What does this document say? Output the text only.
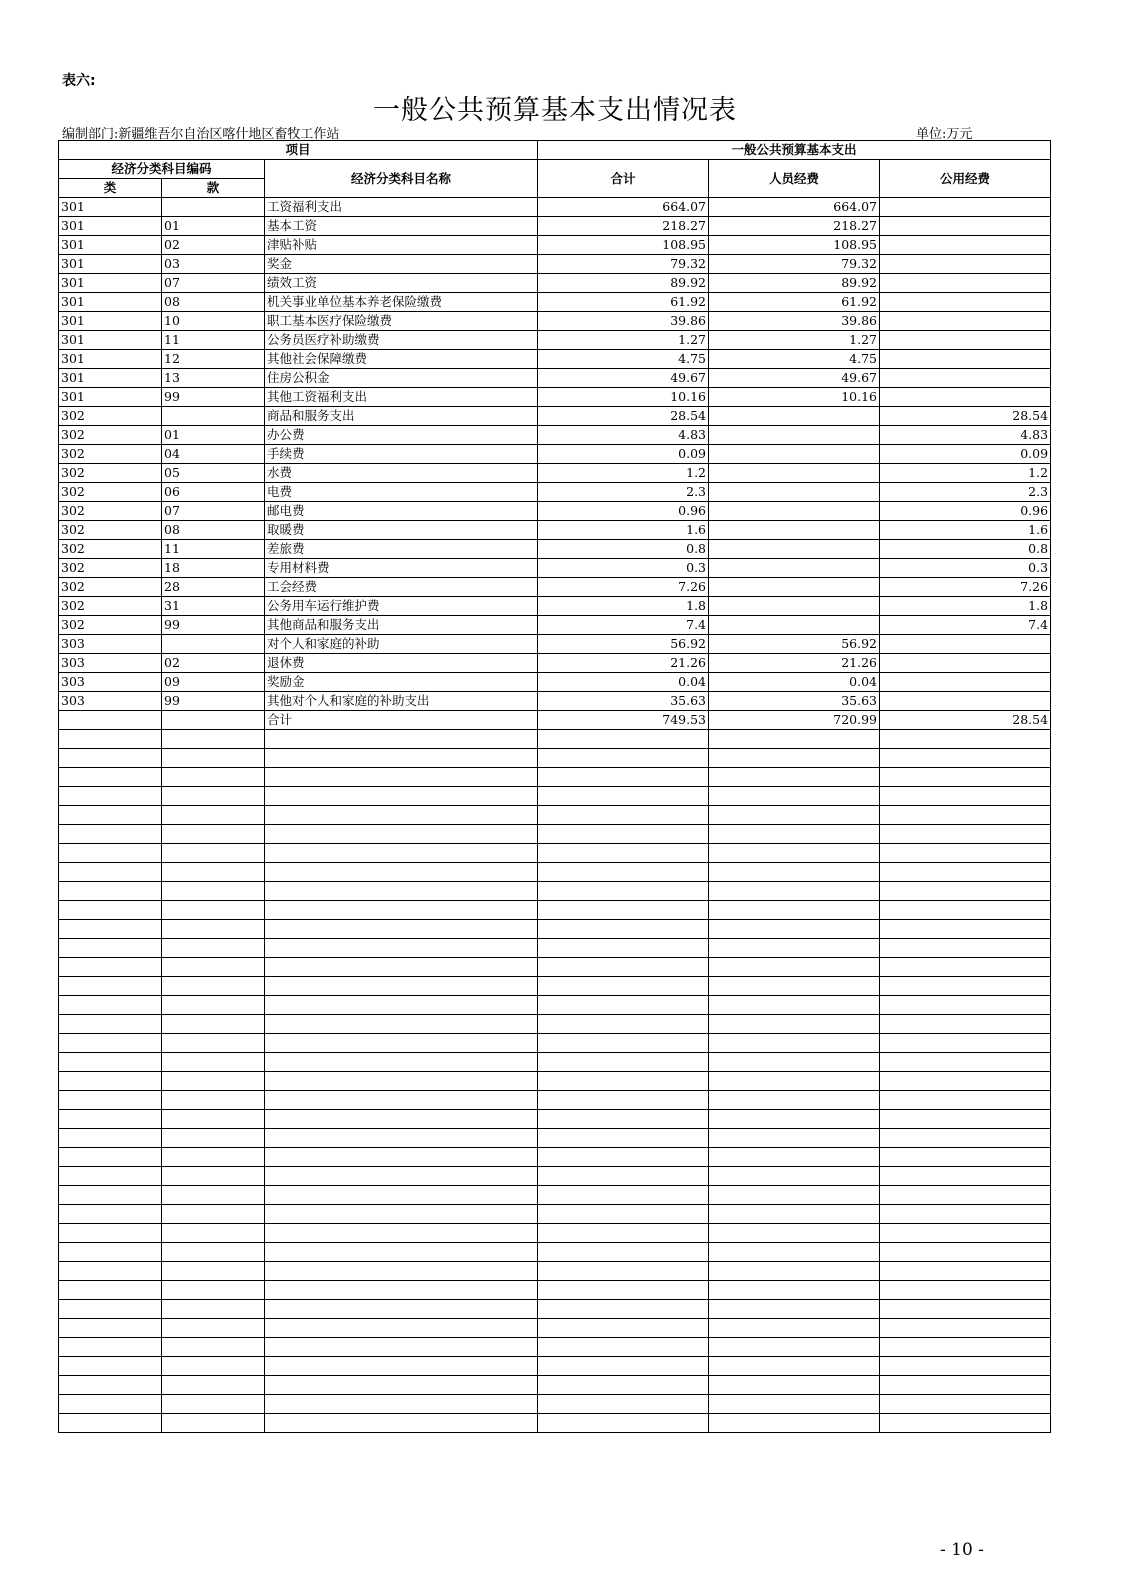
表六:
一般公共预算基本支出情况表
编制部门:新疆维吾尔自治区喀什地区畜牧工作站	单位:万元
项目			一般公共预算基本支出		
经济分类科目编码		经济分类科目名称	合计	人员经费	公用经费
类	款				
301		工资福利支出	664.07	664.07	
301	01	基本工资	218.27	218.27	
301	02	津贴补贴	108.95	108.95	
301	03	奖金	79.32	79.32	
301	07	绩效工资	89.92	89.92	
301	08	机关事业单位基本养老保险缴费	61.92	61.92	
301	10	职工基本医疗保险缴费	39.86	39.86	
301	11	公务员医疗补助缴费	1.27	1.27	
301	12	其他社会保障缴费	4.75	4.75	
301	13	住房公积金	49.67	49.67	
301	99	其他工资福利支出	10.16	10.16	
302		商品和服务支出	28.54		28.54
302	01	办公费	4.83		4.83
302	04	手续费	0.09		0.09
302	05	水费	1.2		1.2
302	06	电费	2.3		2.3
302	07	邮电费	0.96		0.96
302	08	取暖费	1.6		1.6
302	11	差旅费	0.8		0.8
302	18	专用材料费	0.3		0.3
302	28	工会经费	7.26		7.26
302	31	公务用车运行维护费	1.8		1.8
302	99	其他商品和服务支出	7.4		7.4
303		对个人和家庭的补助	56.92	56.92	
303	02	退休费	21.26	21.26	
303	09	奖励金	0.04	0.04	
303	99	其他对个人和家庭的补助支出	35.63	35.63	
		合计	749.53	720.99	28.54

- 10 -
